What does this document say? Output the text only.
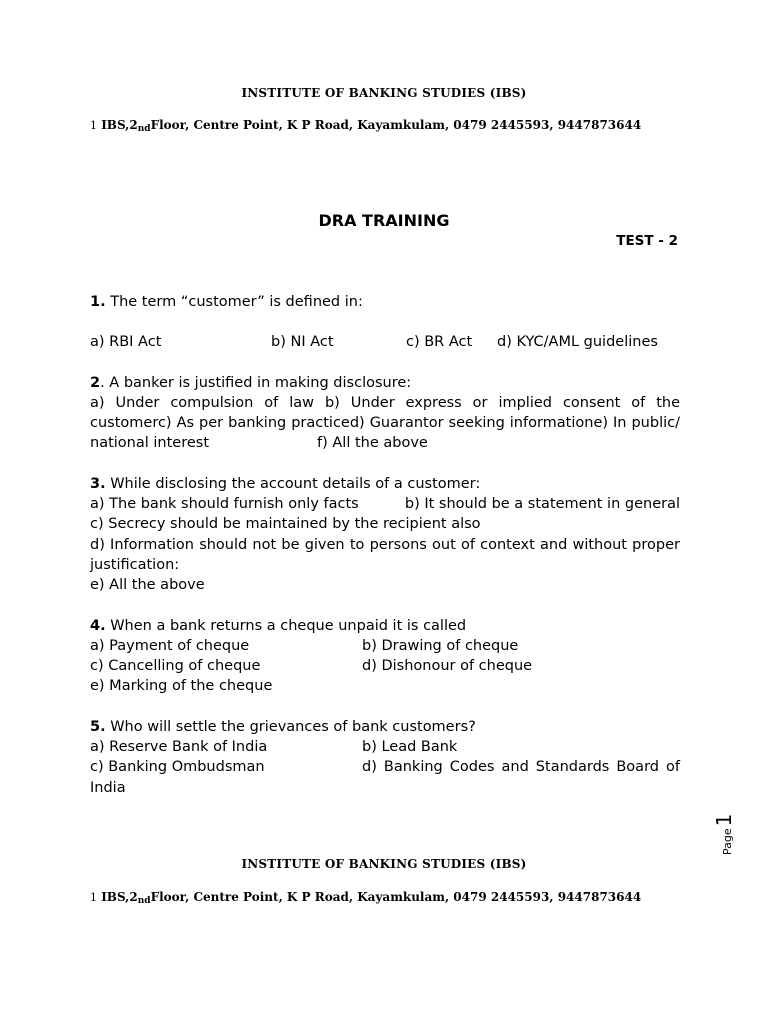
INSTITUTE OF BANKING STUDIES (IBS)
1 $IBS,2_{nd}Floor$, Centre Point, K P Road, Kayamkulam, 0479 2445593, 9447873644
DRA TRAINING
TEST - 2
1. The term “customer” is defined in:
a) RBI Act	b) NI Act	c) BR Act	d) KYC/AML guidelines
2. A banker is justified in making disclosure:
a) Under compulsion of law b) Under express or implied consent of the
customerc) As per banking practiced) Guarantor seeking informatione) In public/
national interest	f) All the above
3. While disclosing the account details of a customer:
a) The bank should furnish only facts	b) It should be a statement in general
c) Secrecy should be maintained by the recipient also
d) Information should not be given to persons out of context and without proper
justification:
e) All the above
4. When a bank returns a cheque unpaid it is called
a) Payment of cheque	b) Drawing of cheque
c) Cancelling of cheque	d) Dishonour of cheque
e) Marking of the cheque
5. Who will settle the grievances of bank customers?
a) Reserve Bank of India	b) Lead Bank
c) Banking Ombudsman	d) Banking Codes and Standards Board of
India
Page
1
INSTITUTE OF BANKING STUDIES (IBS)
1 $IBS,2_{nd}Floor$, Centre Point, K P Road, Kayamkulam, 0479 2445593, 9447873644
